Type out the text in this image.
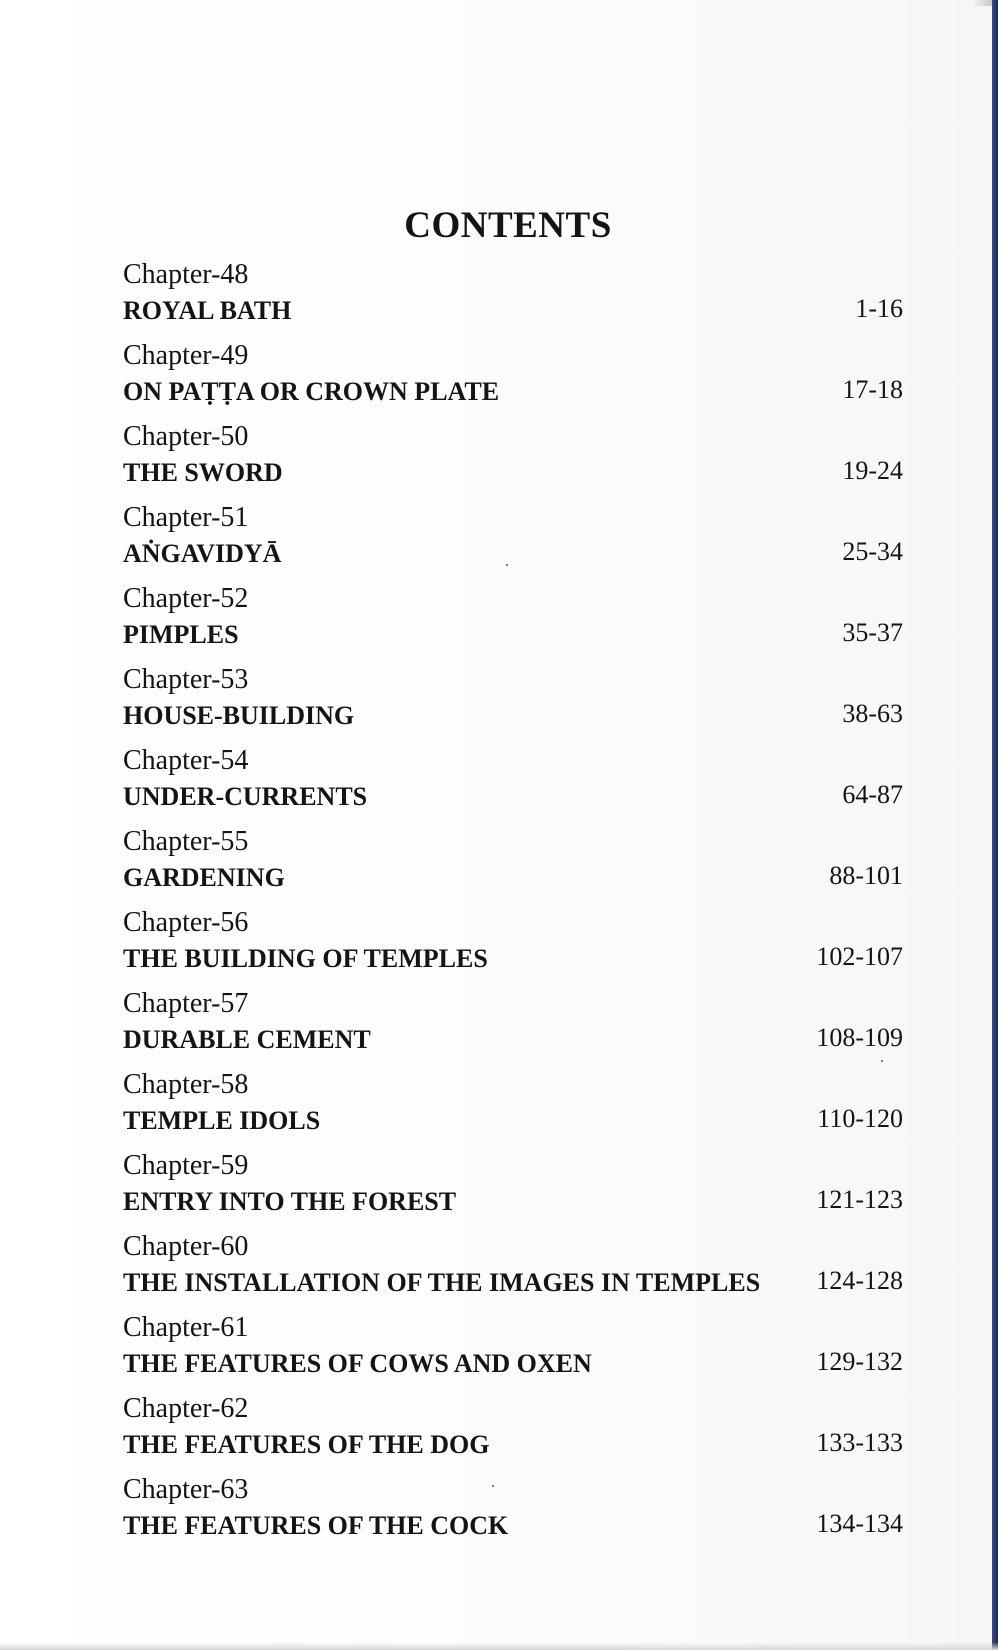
CONTENTS
Chapter-48
ROYAL BATH	1-16
Chapter-49
ON PAṬṬA OR CROWN PLATE	17-18
Chapter-50
THE SWORD	19-24
Chapter-51
AṄGAVIDYĀ	25-34
Chapter-52
PIMPLES	35-37
Chapter-53
HOUSE-BUILDING	38-63
Chapter-54
UNDER-CURRENTS	64-87
Chapter-55
GARDENING	88-101
Chapter-56
THE BUILDING OF TEMPLES	102-107
Chapter-57
DURABLE CEMENT	108-109
Chapter-58
TEMPLE IDOLS	110-120
Chapter-59
ENTRY INTO THE FOREST	121-123
Chapter-60
THE INSTALLATION OF THE IMAGES IN TEMPLES 124-128
Chapter-61
THE FEATURES OF COWS AND OXEN	129-132
Chapter-62
THE FEATURES OF THE DOG	133-133
Chapter-63
THE FEATURES OF THE COCK	134-134
